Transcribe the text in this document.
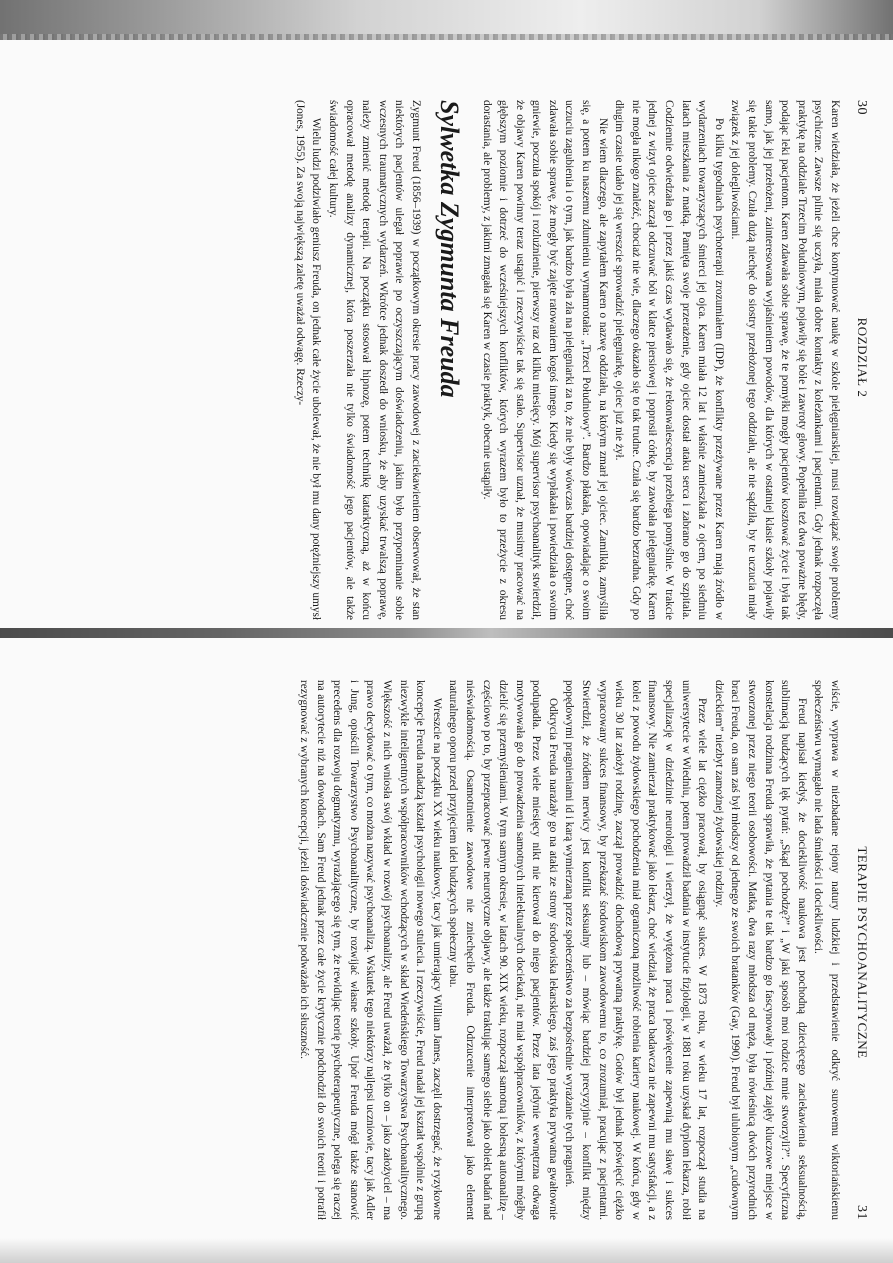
30
ROZDZIAŁ 2

Karen wiedziała, że jeżeli chce kontynuować naukę w szkole pielęgniarskiej, musi rozwiązać swoje problemy psychiczne. Zawsze pilnie się uczyła, miała dobre kontakty z koleżankami i pacjentami. Gdy jednak rozpoczęła praktykę na oddziale Trzecim Południowym, pojawiły się bóle i zawroty głowy. Popełniła też dwa poważne błędy, podając leki pacjentom. Karen zdawała sobie sprawę, że te pomyłki mogły pacjentów kosztować życie i była tak samo, jak jej przełożeni, zainteresowana wyjaśnieniem powodów, dla których w ostatniej klasie szkoły pojawiły się takie problemy. Czuła dużą niechęć do siostry przełożonej tego oddziału, ale nie sądziła, by te uczucia miały związek z jej dolegliwościami.

Po kilku tygodniach psychoterapii zrozumiałem (IDP), że konflikty przeżywane przez Karen mają źródło w wydarzeniach towarzyszących śmierci jej ojca. Karen miała 12 lat i właśnie zamieszkała z ojcem, po siedmiu latach mieszkania z matką. Pamięta swoje przerażenie, gdy ojciec dostał ataku serca i zabrano go do szpitala. Codziennie odwiedzała go i przez jakiś czas wydawało się, że rekonwalescencja przebiega pomyślnie. W trakcie jednej z wizyt ojciec zaczął odczuwać ból w klatce piersiowej i poprosił córkę, by zawołała pielęgniarkę. Karen nie mogła nikogo znaleźć, chociaż nie wie, dlaczego okazało się to tak trudne. Czuła się bardzo bezradna. Gdy po długim czasie udało jej się wreszcie sprowadzić pielęgniarkę, ojciec już nie żył.

Nie wiem dlaczego, ale zapytałem Karen o nazwę oddziału, na którym zmarł jej ojciec. Zamilkła, zamyśliła się, a potem ku naszemu zdumieniu wymamrotała: „Trzeci Południowy”. Bardzo płakała, opowiadając o swoim uczuciu zagubienia i o tym, jak bardzo była zła na pielęgniarki za to, że nie były wówczas bardziej dostępne, choć zdawała sobie sprawę, że mogły być zajęte ratowaniem kogoś innego. Kiedy się wypłakała i powiedziała o swoim gniewie, poczuła spokój i rozluźnienie, pierwszy raz od kilku miesięcy. Mój supervisor psychoanalityk stwierdził, że objawy Karen powinny teraz ustąpić i rzeczywiście tak się stało. Supervisor uznał, że musimy pracować na głębszym poziomie i dotrzeć do wcześniejszych konfliktów, których wyrazem było to przeżycie z okresu dorastania, ale problemy, z jakimi zmagała się Karen w czasie praktyk, obecnie ustąpiły.

Sylwetka Zygmunta Freuda

Zygmunt Freud (1856–1939) w początkowym okresie pracy zawodowej z zaciekawieniem obserwował, że stan niektórych pacjentów ulegał poprawie po oczyszczającym doświadczeniu, jakim było przypominanie sobie wczesnych traumatycznych wydarzeń. Wkrótce jednak doszedł do wniosku, że aby uzyskać trwalszą poprawę, należy zmienić metodę terapii. Na początku stosował hipnozę, potem technikę katarktyczną, aż w końcu opracował metodę analizy dynamicznej, która poszerzała nie tylko świadomość jego pacjentów, ale także świadomość całej kultury.

Wielu ludzi podziwiało geniusz Freuda, on jednak całe życie ubolewał, że nie był mu dany potężniejszy umysł (Jones, 1955). Za swoją największą zaletę uważał odwagę. Rzeczy-

TERAPIE PSYCHOANALITYCZNE
31

wiście, wyprawa w niezbadane rejony natury ludzkiej i przedstawienie odkryć surowemu wiktoriańskiemu społeczeństwu wymagało nie lada śmiałości i dociekliwości.

Freud napisał kiedyś, że dociekliwość naukowa jest pochodną dziecięcego zaciekawienia seksualnością, sublimacją budzących lęk pytań: „Skąd pochodzę?” i „W jaki sposób moi rodzice mnie stworzyli?”. Specyficzna konstelacja rodzinna Freuda sprawiła, że pytania te tak bardzo go fascynowały i później zajęły kluczowe miejsce w stworzonej przez niego teorii osobowości. Matka, dwa razy młodsza od męża, była rówieśnicą dwóch przyrodnich braci Freuda, on sam zaś był młodszy od jednego ze swoich bratanków (Gay, 1990). Freud był ulubionym „cudownym dzieckiem” niezbyt zamożnej żydowskiej rodziny.

Przez wiele lat ciężko pracował, by osiągnąć sukces. W 1873 roku, w wieku 17 lat, rozpoczął studia na uniwersytecie w Wiedniu, potem prowadził badania w instytucie fizjologii, w 1881 roku uzyskał dyplom lekarza, robił specjalizację w dziedzinie neurologii i wierzył, że wytężona praca i poświęcenie zapewnią mu sławę i sukces finansowy. Nie zamierzał praktykować jako lekarz, choć wiedział, że praca badawcza nie zapewni mu satysfakcji, a z kolei z powodu żydowskiego pochodzenia miał ograniczoną możliwość robienia kariery naukowej. W końcu, gdy w wieku 30 lat założył rodzinę, zaczął prowadzić dochodową prywatną praktykę. Gotów był jednak poświęcić ciężko wypracowany sukces finansowy, by przekazać środowiskom zawodowemu to, co zrozumiał, pracując z pacjentami. Stwierdził, że źródłem nerwicy jest konflikt seksualny lub – mówiąc bardziej precyzyjnie – konflikt między popędowymi pragnieniami id i karą wymierzaną przez społeczeństwo za bezpośrednie wyrażanie tych pragnień.

Odkrycia Freuda narażały go na ataki ze strony środowiska lekarskiego, zaś jego praktyka prywatna gwałtownie podupadła. Przez wiele miesięcy nikt nie kierował do niego pacjentów. Przez lata jedynie wewnętrzna odwaga motywowała go do prowadzenia samotnych intelektualnych dociekań, nie miał współpracowników, z którymi mógłby dzielić się przemyśleniami. W tym samym okresie, w latach 90. XIX wieku, rozpoczął samotną i bolesną autoanalizę – częściowo po to, by przepracować pewne neurotyczne objawy, ale także traktując samego siebie jako obiekt badań nad nieświadomością. Osamotnienie zawodowe nie zniechęciło Freuda. Odrzucenie interpretował jako element naturalnego oporu przed przyjęciem idei budzących społeczny tabu.

Wreszcie na początku XX wieku naukowcy, tacy jak umierający William James, zaczęli dostrzegać, że ryzykowne koncepcje Freuda nadadzą kształt psychologii nowego stulecia. I rzeczywiście, Freud nadał jej kształt wspólnie z grupą niezwykle inteligentnych współpracowników wchodzących w skład Wiedeńskiego Towarzystwa Psychoanalitycznego. Większość z nich wniosła swój wkład w rozwój psychoanalizy, ale Freud uważał, że tylko on – jako założyciel – ma prawo decydować o tym, co można nazywać psychoanalizą. Wskutek tego niektórzy najlepsi uczniowie, tacy jak Adler i Jung, opuścili Towarzystwo Psychoanalityczne, by rozwijać własne szkoły. Upór Freuda mógł także stanowić precedens dla rozwoju dogmatyzmu, wyrażającego się tym, że rewidując teorię psychoterapeutyczne, polega się raczej na autorytecie niż na dowodach. Sam Freud jednak przez całe życie krytycznie podchodził do swoich teorii i potrafił rezygnować z wybranych koncepcji, jeżeli doświadczenie podważało ich słuszność.
